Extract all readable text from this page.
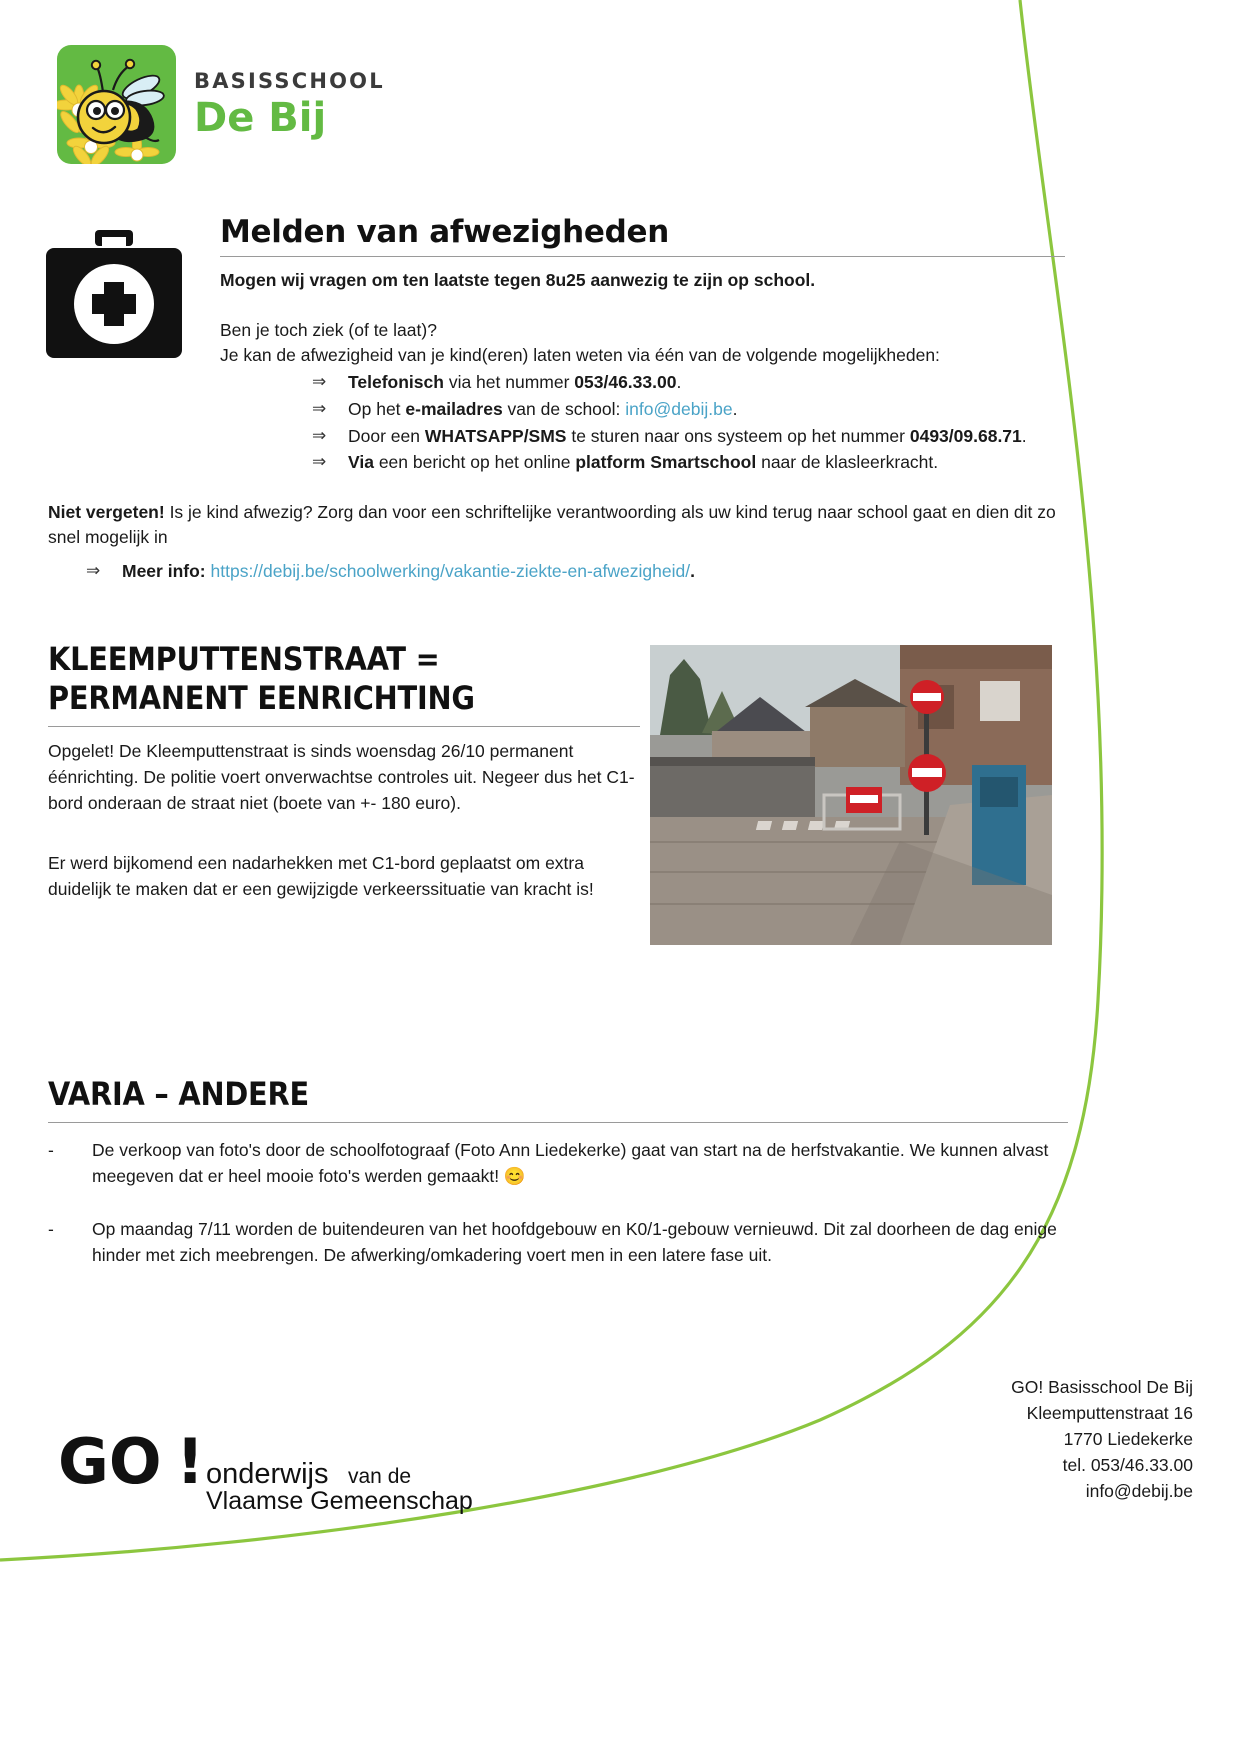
BASISSCHOOL
De Bij
Melden van afwezigheden

Mogen wij vragen om ten laatste tegen 8u25 aanwezig te zijn op school.

Ben je toch ziek (of te laat)?

Je kan de afwezigheid van je kind(eren) laten weten via één van de volgende mogelijkheden:

⇒ Telefonisch via het nummer 053/46.33.00.
⇒ Op het e-mailadres van de school: info@debij.be.
⇒ Door een WHATSAPP/SMS te sturen naar ons systeem op het nummer 0493/09.68.71.
⇒ Via een bericht op het online platform Smartschool naar de klasleerkracht.

Niet vergeten! Is je kind afwezig? Zorg dan voor een schriftelijke verantwoording als uw kind terug naar school gaat en dien dit zo snel mogelijk in

⇒ Meer info: https://debij.be/schoolwerking/vakantie-ziekte-en-afwezigheid/.
KLEEMPUTTENSTRAAT =
PERMANENT EENRICHTING

Opgelet! De Kleemputtenstraat is sinds woensdag 26/10 permanent éénrichting. De politie voert onverwachtse controles uit. Negeer dus het C1-bord onderaan de straat niet (boete van +- 180 euro).

Er werd bijkomend een nadarhekken met C1-bord geplaatst om extra duidelijk te maken dat er een gewijzigde verkeerssituatie van kracht is!

VARIA – ANDERE
- De verkoop van foto's door de schoolfotograaf (Foto Ann Liedekerke) gaat van start na de herfstvakantie. We kunnen alvast meegeven dat er heel mooie foto's werden gemaakt! 😊
- Op maandag 7/11 worden de buitendeuren van het hoofdgebouw en K0/1-gebouw vernieuwd. Dit zal doorheen de dag enige hinder met zich meebrengen. De afwerking/omkadering voert men in een latere fase uit.
GO ! onderwijs van de
Vlaamse Gemeenschap
GO! Basisschool De Bij
Kleemputtenstraat 16
1770 Liedekerke
tel. 053/46.33.00
info@debij.be
